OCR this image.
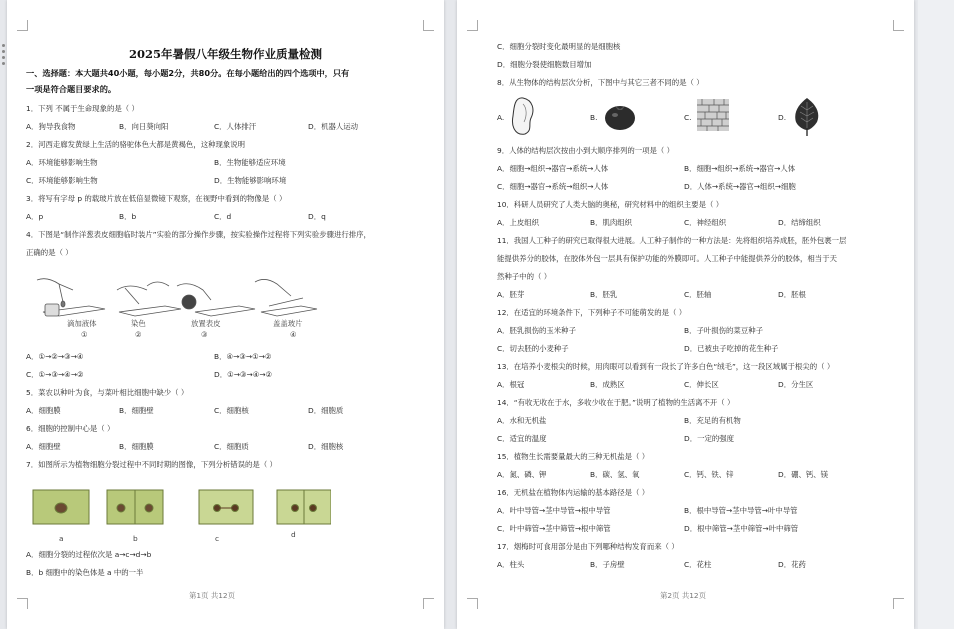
2025年暑假八年级生物作业质量检测
一、选择题：本大题共40小题，每小题2分，共80分。在每小题给出的四个选项中，只有
一项是符合题目要求的。
1．下列 不属于生命现象的是（ ）
A．狗导我食物	B．向日葵向阳	C．人体排汗	D．机器人运动
2．河西走廊发黄绿上生活的骆驼体色大都是黄褐色，这种现象说明
A．环境能够影响生物	B．生物能够适应环境
C．环境能够影响生物	D．生物能够影响环境
3．将写有字母 p 的载玻片放在低倍显微镜下观察，在视野中看到的物像是（ ）
A．p	B．b	C．d	D．q
4．下图是“制作洋葱表皮细胞临时装片”实验的部分操作步骤，按实验操作过程将下列实验步骤进行排序，
正确的是（ ）
滴加液体	染色	放置表皮	盖盖玻片
①	②	③	④
A．①→②→③→④	B．④→③→①→②
C．①→③→④→②	D．①→③→④→②
5．菜农以种叶为食，与菜叶相比细胞中缺少（ ）
A．细胞膜	B．细胞壁	C．细胞核	D．细胞质
6．细胞的控制中心是（ ）
A．细胞壁	B．细胞膜	C．细胞质	D．细胞核
7．如图所示为植物细胞分裂过程中不同时期的图像，下列分析错误的是（ ）
a	b	c	d
A．细胞分裂的过程依次是 a→c→d→b
B．b 细胞中的染色体是 a 中的一半
第1页 共12页
C．细胞分裂时变化最明显的是细胞核
D．细胞分裂使细胞数目增加
8．从生物体的结构层次分析，下图中与其它三者不同的是（ ）
A.	B.	C.	D.
9．人体的结构层次按由小到大顺序排列的一项是（ ）
A．细胞→组织→器官→系统→人体	B．细胞→组织→系统→器官→人体
C．细胞→器官→系统→组织→人体	D．人体→系统→器官→组织→细胞
10．科研人员研究了人类大脑的奥秘，研究材料中的组织主要是（ ）
A．上皮组织	B．肌肉组织	C．神经组织	D．结缔组织
11．我国人工种子的研究已取得很大进展。人工种子制作的一种方法是：先将组织培养成胚，胚外包裹一层
能提供养分的胶体，在胶体外包一层具有保护功能的外膜即可。人工种子中能提供养分的胶体，相当于天
然种子中的（ ）
A．胚芽	B．胚乳	C．胚轴	D．胚根
12．在适宜的环境条件下，下列种子不可能萌发的是（ ）
A．胚乳损伤的玉米种子	B．子叶损伤的菜豆种子
C．切去胚的小麦种子	D．已被虫子吃掉的花生种子
13．在培养小麦根尖的时候，用肉眼可以看到有一段长了许多白色“绒毛”，这一段区域属于根尖的（ ）
A．根冠	B．成熟区	C．伸长区	D．分生区
14．“有收无收在于水，多收少收在于肥。”说明了植物的生活离不开（ ）
A．水和无机盐	B．充足的有机物
C．适宜的温度	D．一定的强度
15．植物生长需要量最大的三种无机盐是（ ）
A．氮、磷、钾	B．碳、氢、氧	C．钙、铁、锌	D．硼、钙、镁
16．无机盐在植物体内运输的基本路径是（ ）
A．叶中导管→茎中导管→根中导管	B．根中导管→茎中导管→叶中导管
C．叶中筛管→茎中筛管→根中筛管	D．根中筛管→茎中筛管→叶中筛管
17．烟梅时可食用部分是由下列哪种结构发育而来（ ）
A．柱头	B．子房壁	C．花柱	D．花药
第2页 共12页
